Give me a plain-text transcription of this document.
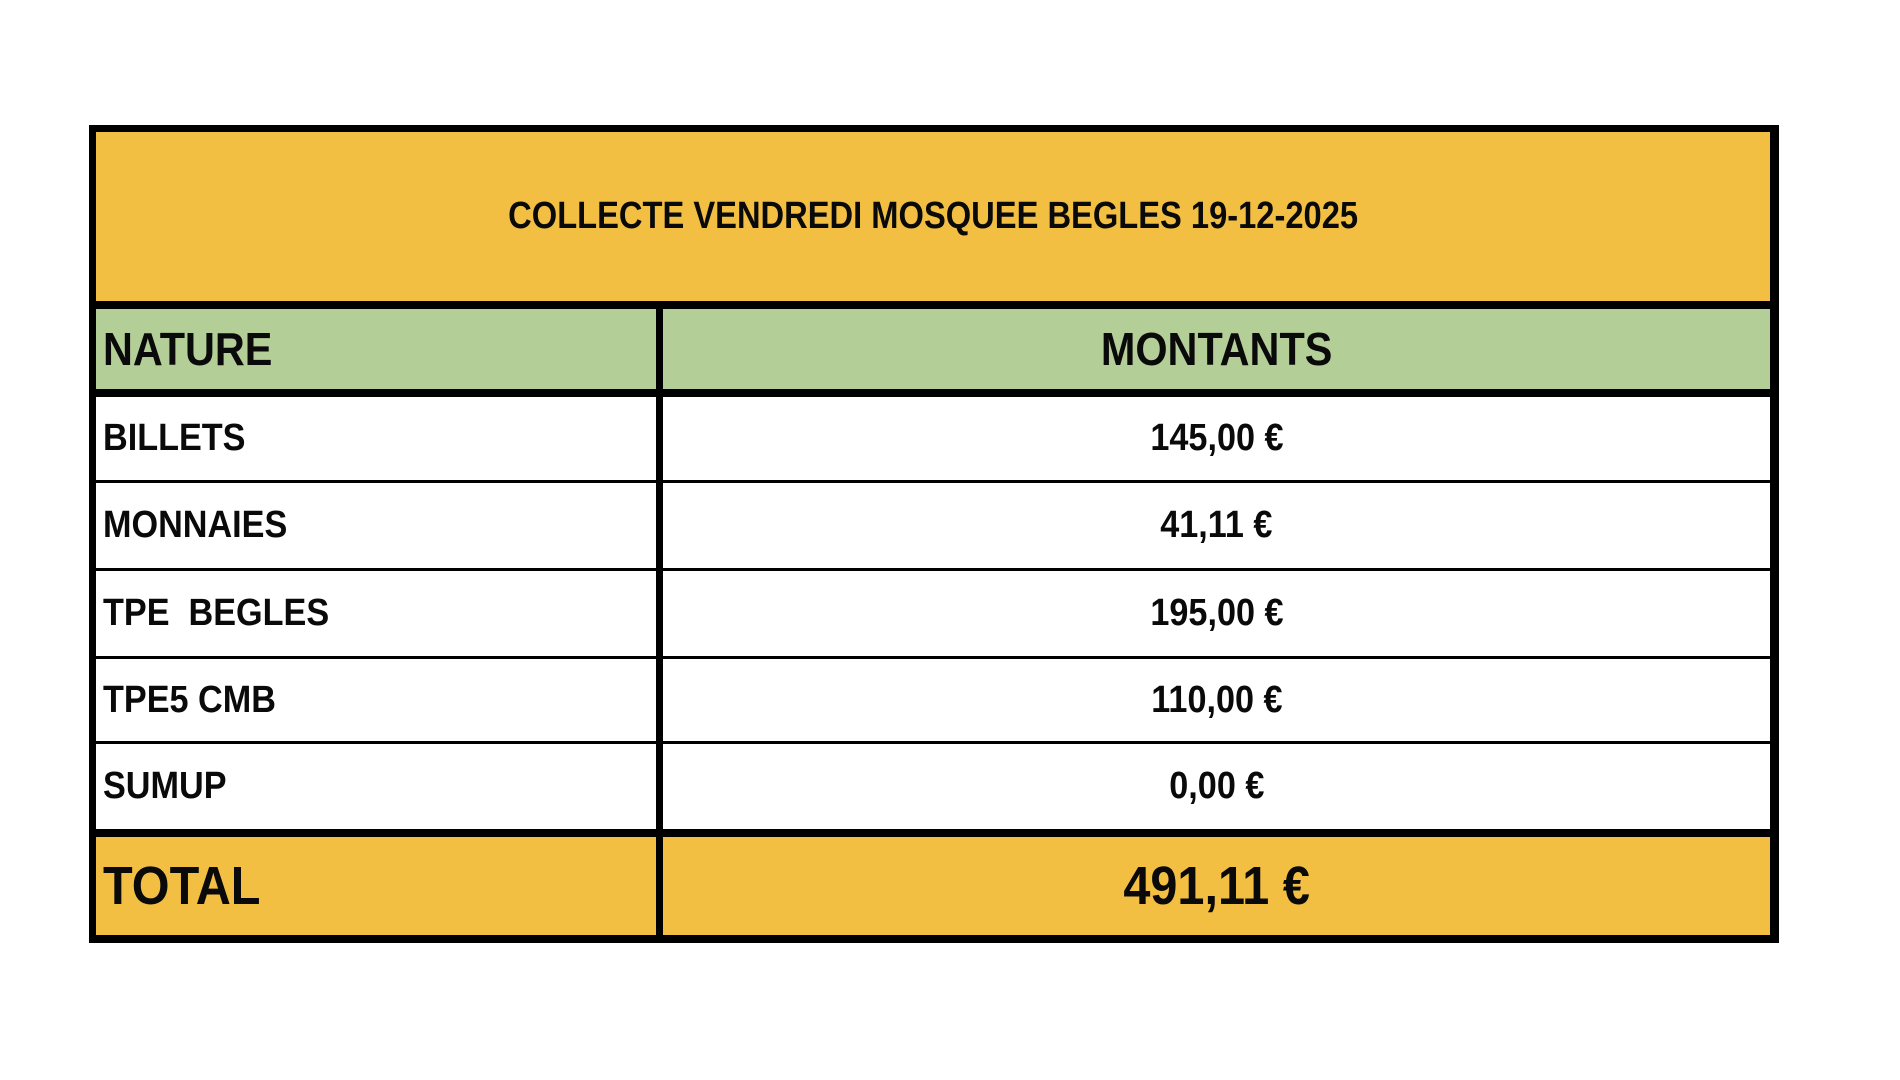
COLLECTE VENDREDI MOSQUEE BEGLES 19-12-2025
NATURE	MONTANTS
BILLETS	145,00 €
MONNAIES	41,11 €
TPE  BEGLES	195,00 €
TPE5 CMB	110,00 €
SUMUP	0,00 €
TOTAL	491,11 €
